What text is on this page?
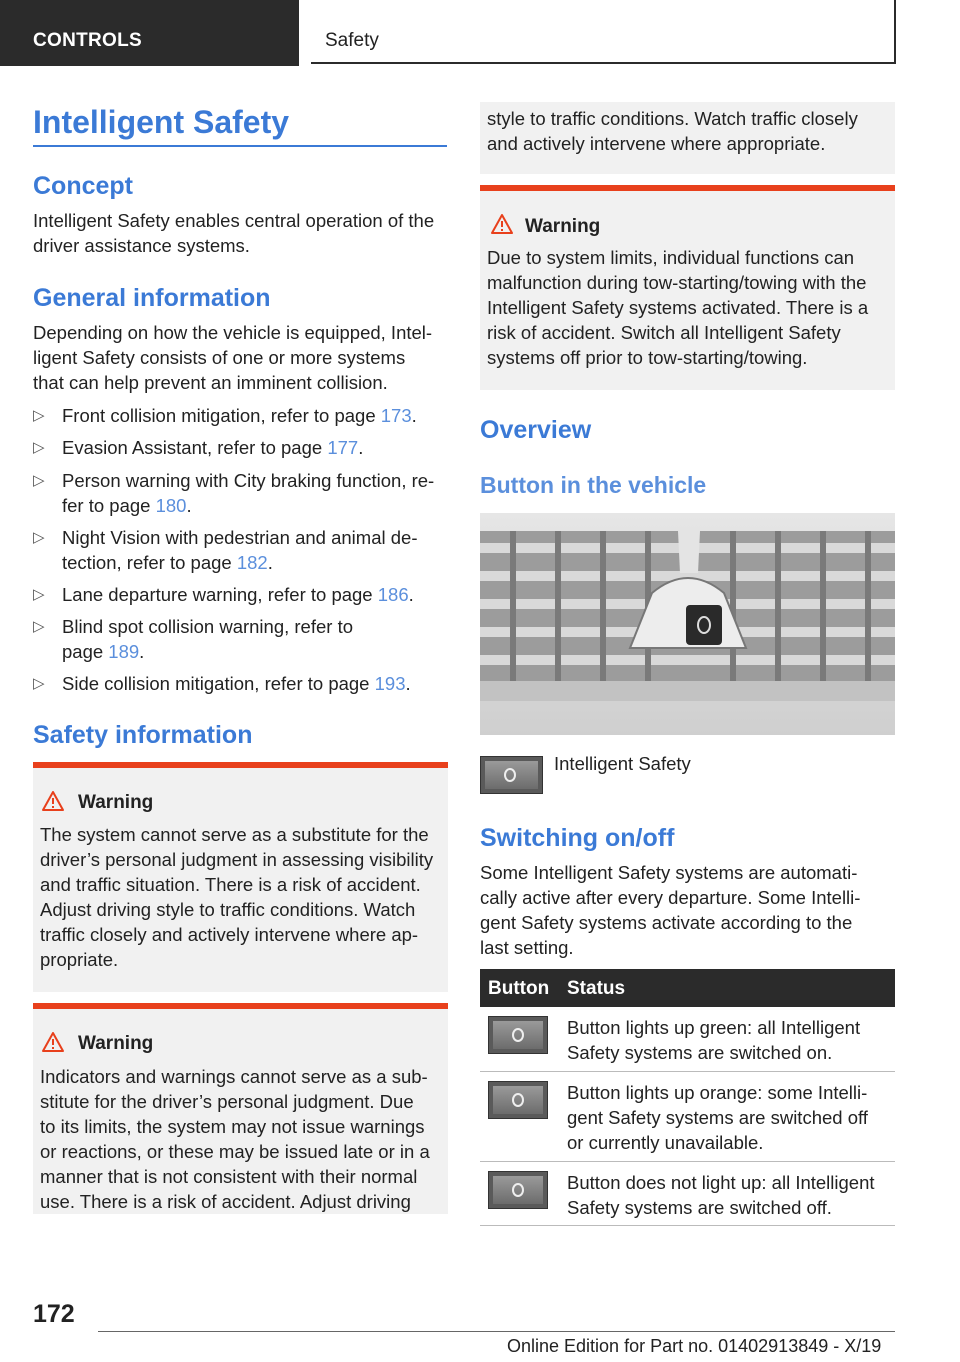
CONTROLS	Safety
Intelligent Safety
Concept
Intelligent Safety enables central operation of the
driver assistance systems.
General information
Depending on how the vehicle is equipped, Intel-
ligent Safety consists of one or more systems
that can help prevent an imminent collision.
▷ Front collision mitigation, refer to page 173.
▷ Evasion Assistant, refer to page 177.
▷ Person warning with City braking function, re-
fer to page 180.
▷ Night Vision with pedestrian and animal de-
tection, refer to page 182.
▷ Lane departure warning, refer to page 186.
▷ Blind spot collision warning, refer to
page 189.
▷ Side collision mitigation, refer to page 193.
Safety information
Warning
The system cannot serve as a substitute for the
driver’s personal judgment in assessing visibility
and traffic situation. There is a risk of accident.
Adjust driving style to traffic conditions. Watch
traffic closely and actively intervene where ap-
propriate.
Warning
Indicators and warnings cannot serve as a sub-
stitute for the driver’s personal judgment. Due
to its limits, the system may not issue warnings
or reactions, or these may be issued late or in a
manner that is not consistent with their normal
use. There is a risk of accident. Adjust driving
style to traffic conditions. Watch traffic closely
and actively intervene where appropriate.
Warning
Due to system limits, individual functions can
malfunction during tow-starting/towing with the
Intelligent Safety systems activated. There is a
risk of accident. Switch all Intelligent Safety
systems off prior to tow-starting/towing.
Overview
Button in the vehicle
Intelligent Safety
Switching on/off
Some Intelligent Safety systems are automati-
cally active after every departure. Some Intelli-
gent Safety systems activate according to the
last setting.
Button Status
Button lights up green: all Intelligent
Safety systems are switched on.
Button lights up orange: some Intelli-
gent Safety systems are switched off
or currently unavailable.
Button does not light up: all Intelligent
Safety systems are switched off.
172
Online Edition for Part no. 01402913849 - X/19
